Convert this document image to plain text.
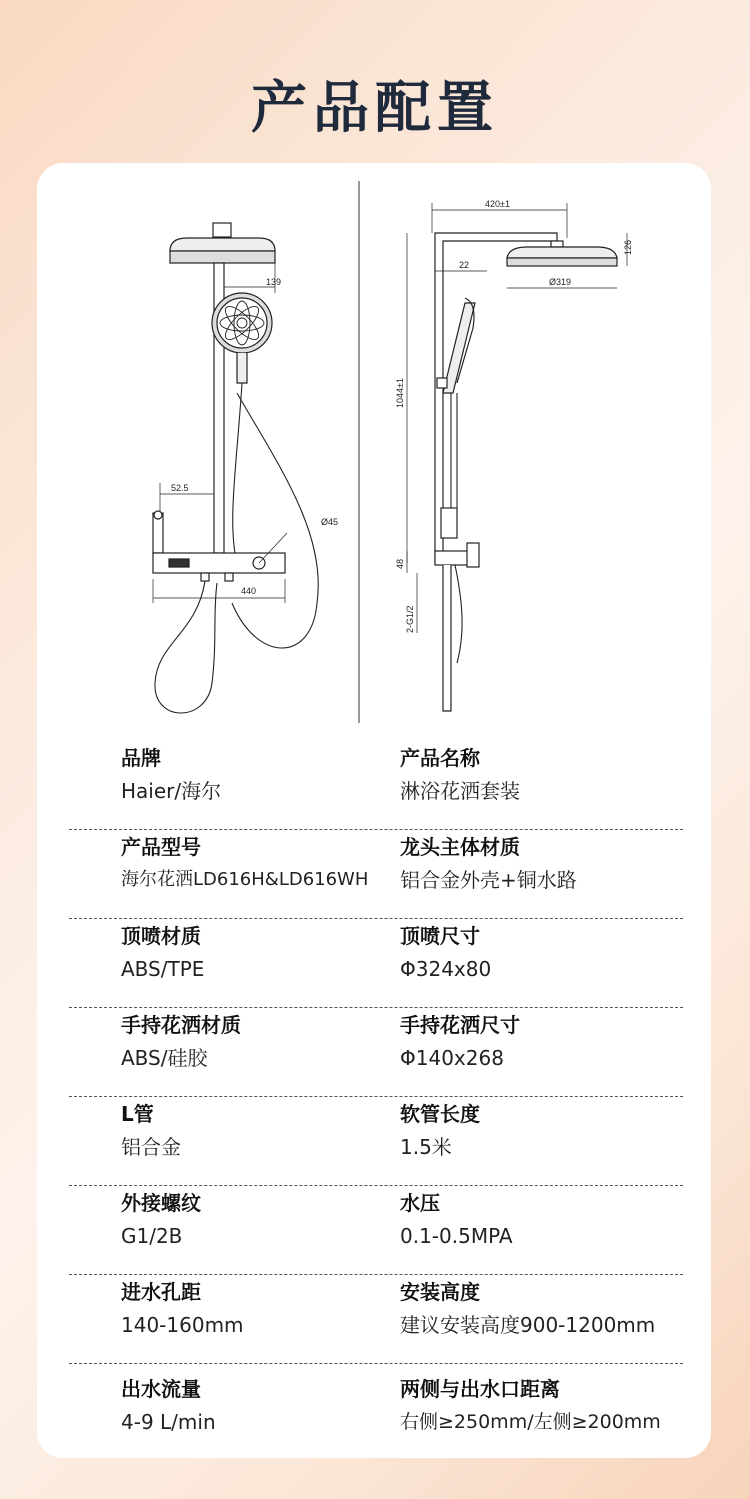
产品配置
139
52.5
Ø45
440
420±1
126
22
Ø319
1044±1
48
2-G1/2
品牌
Haier/海尔
产品名称
淋浴花洒套装
产品型号
海尔花洒LD616H&LD616WH
龙头主体材质
铝合金外壳+铜水路
顶喷材质
ABS/TPE
顶喷尺寸
Φ324x80
手持花洒材质
ABS/硅胶
手持花洒尺寸
Φ140x268
L管
铝合金
软管长度
1.5米
外接螺纹
G1/2B
水压
0.1-0.5MPA
进水孔距
140-160mm
安装高度
建议安装高度900-1200mm
出水流量
4-9 L/min
两侧与出水口距离
右侧≥250mm/左侧≥200mm
